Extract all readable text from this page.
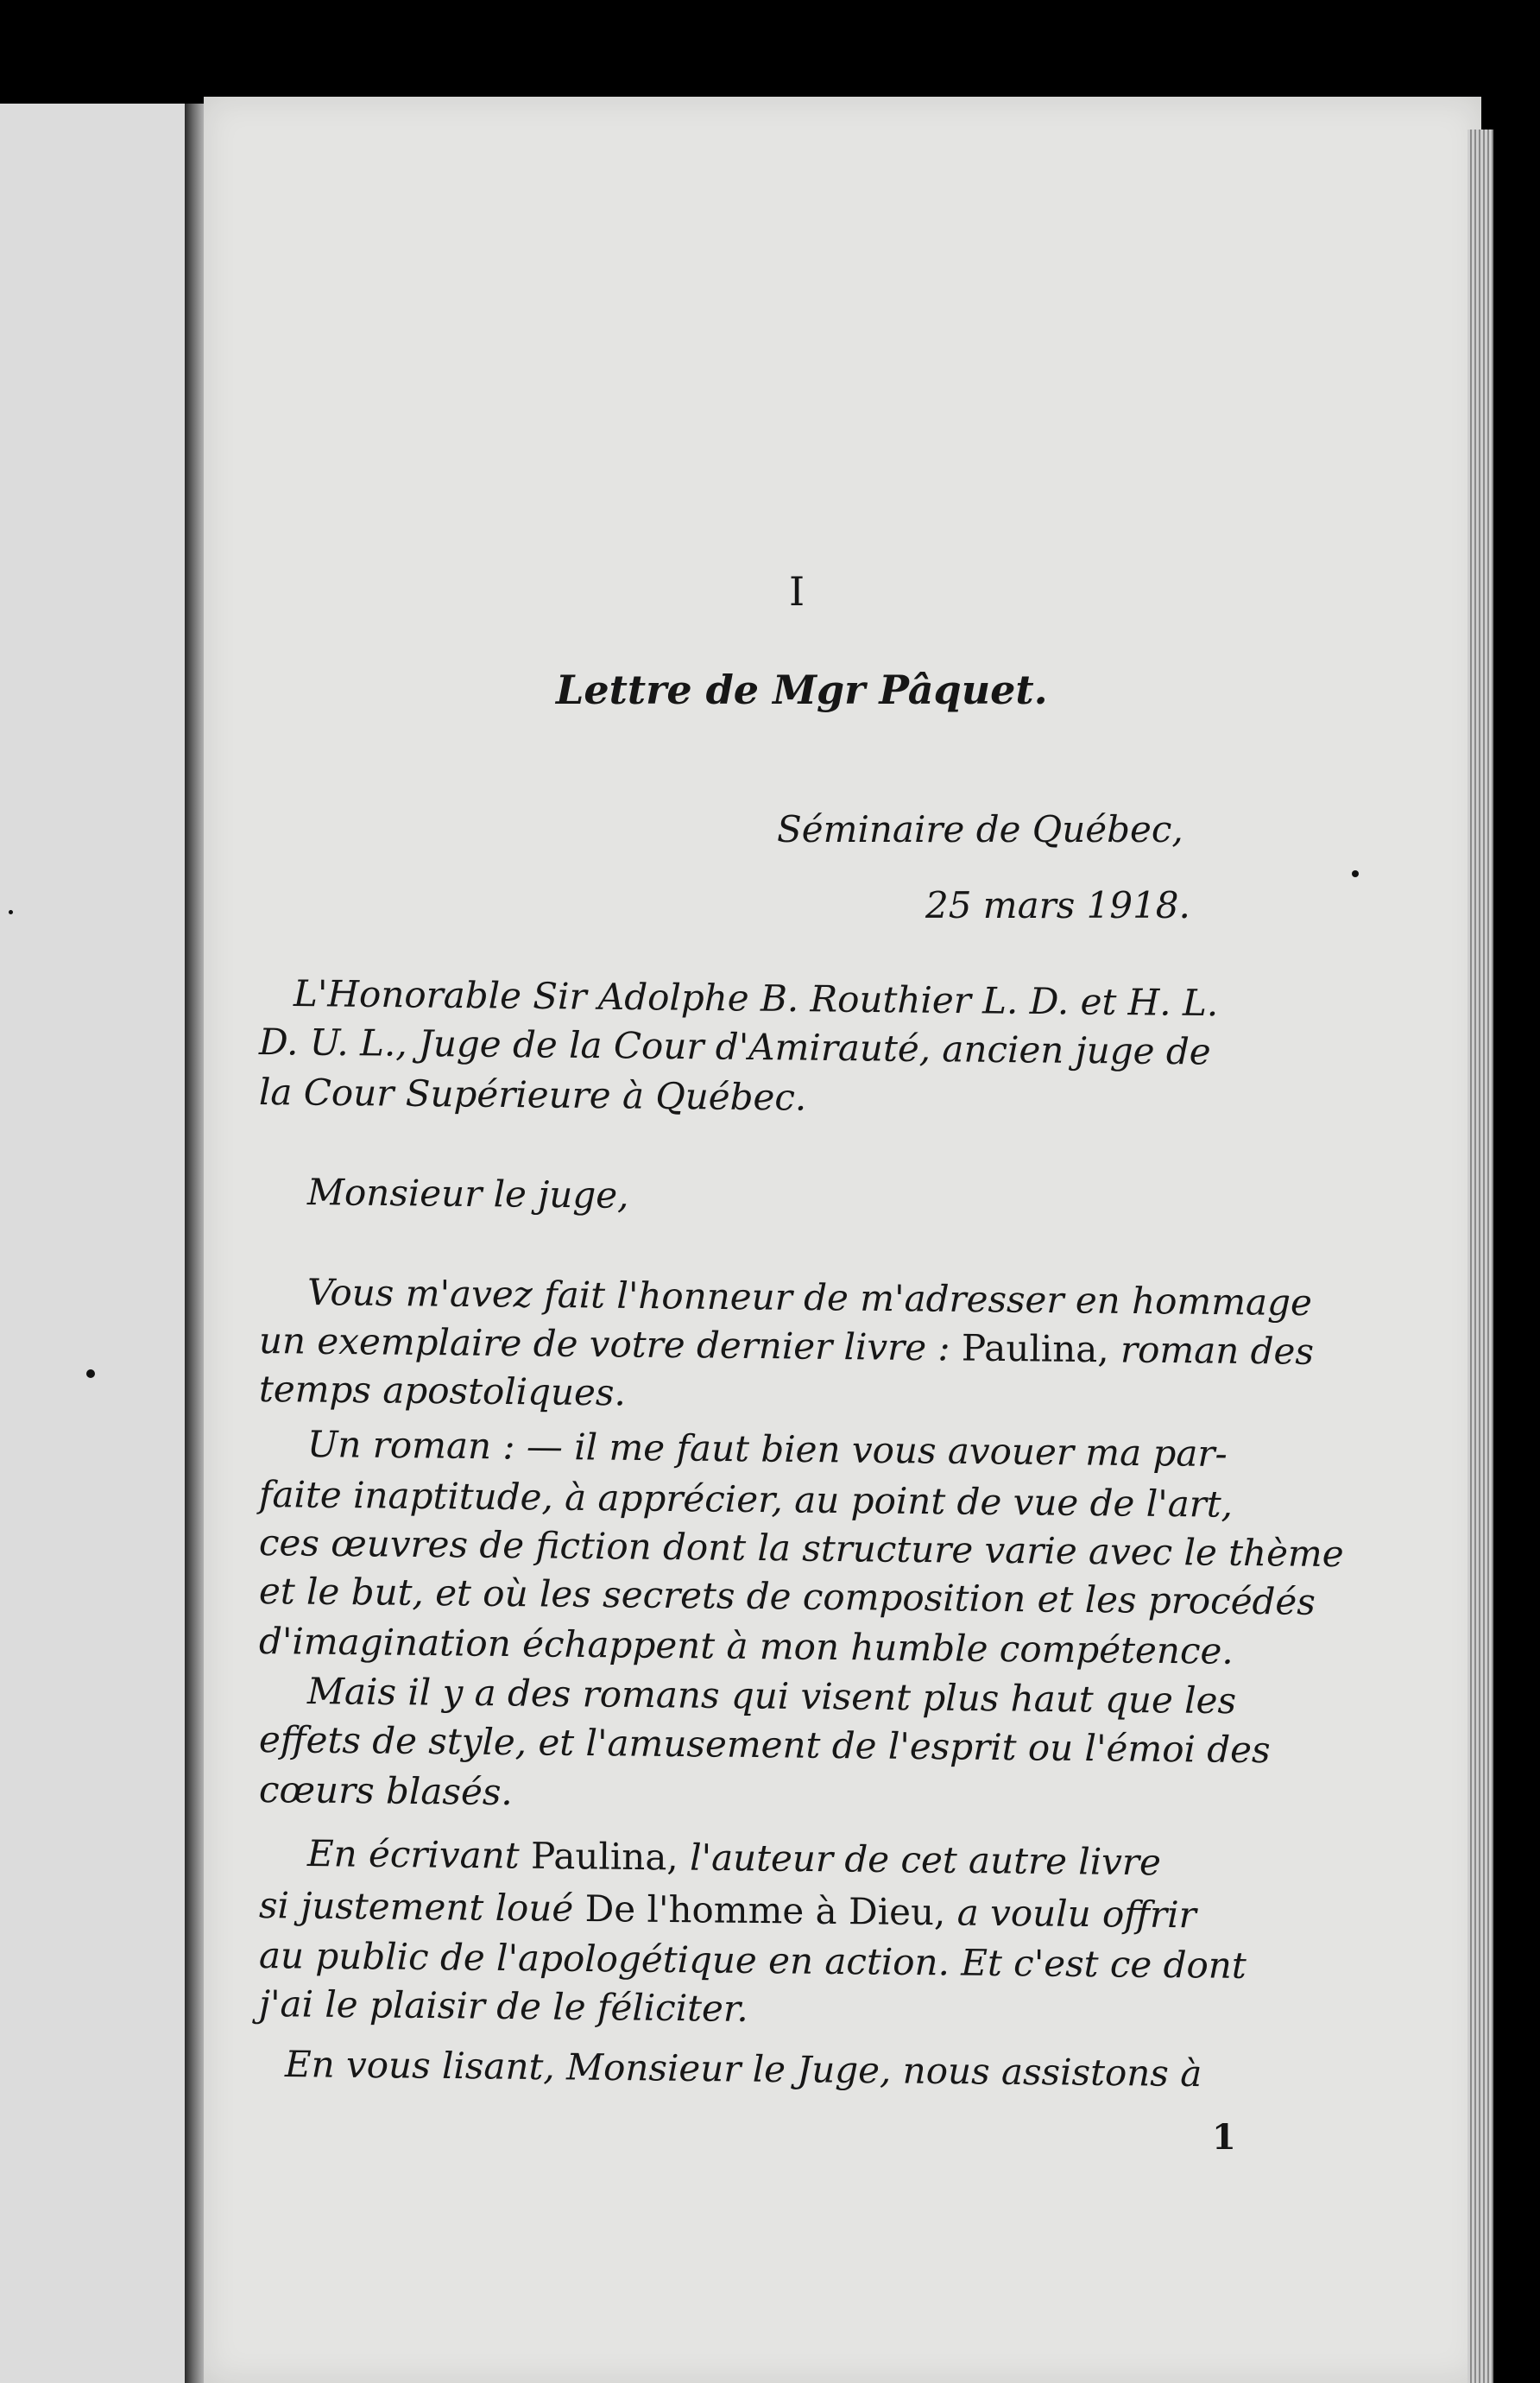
I

Lettre de Mgr Pâquet.

Séminaire de Québec,

25 mars 1918.

L'Honorable Sir Adolphe B. Routhier L. D. et H. L.

D. U. L., Juge de la Cour d'Amirauté, ancien juge de

la Cour Supérieure à Québec.

Monsieur le juge,

Vous m'avez fait l'honneur de m'adresser en hommage

un exemplaire de votre dernier livre : Paulina, roman des

temps apostoliques.

Un roman : — il me faut bien vous avouer ma par-

faite inaptitude, à apprécier, au point de vue de l'art,

ces œuvres de fiction dont la structure varie avec le thème

et le but, et où les secrets de composition et les procédés

d'imagination échappent à mon humble compétence.

Mais il y a des romans qui visent plus haut que les

effets de style, et l'amusement de l'esprit ou l'émoi des

cœurs blasés.

En écrivant Paulina, l'auteur de cet autre livre

si justement loué De l'homme à Dieu, a voulu offrir

au public de l'apologétique en action. Et c'est ce dont

j'ai le plaisir de le féliciter.

En vous lisant, Monsieur le Juge, nous assistons à

1
